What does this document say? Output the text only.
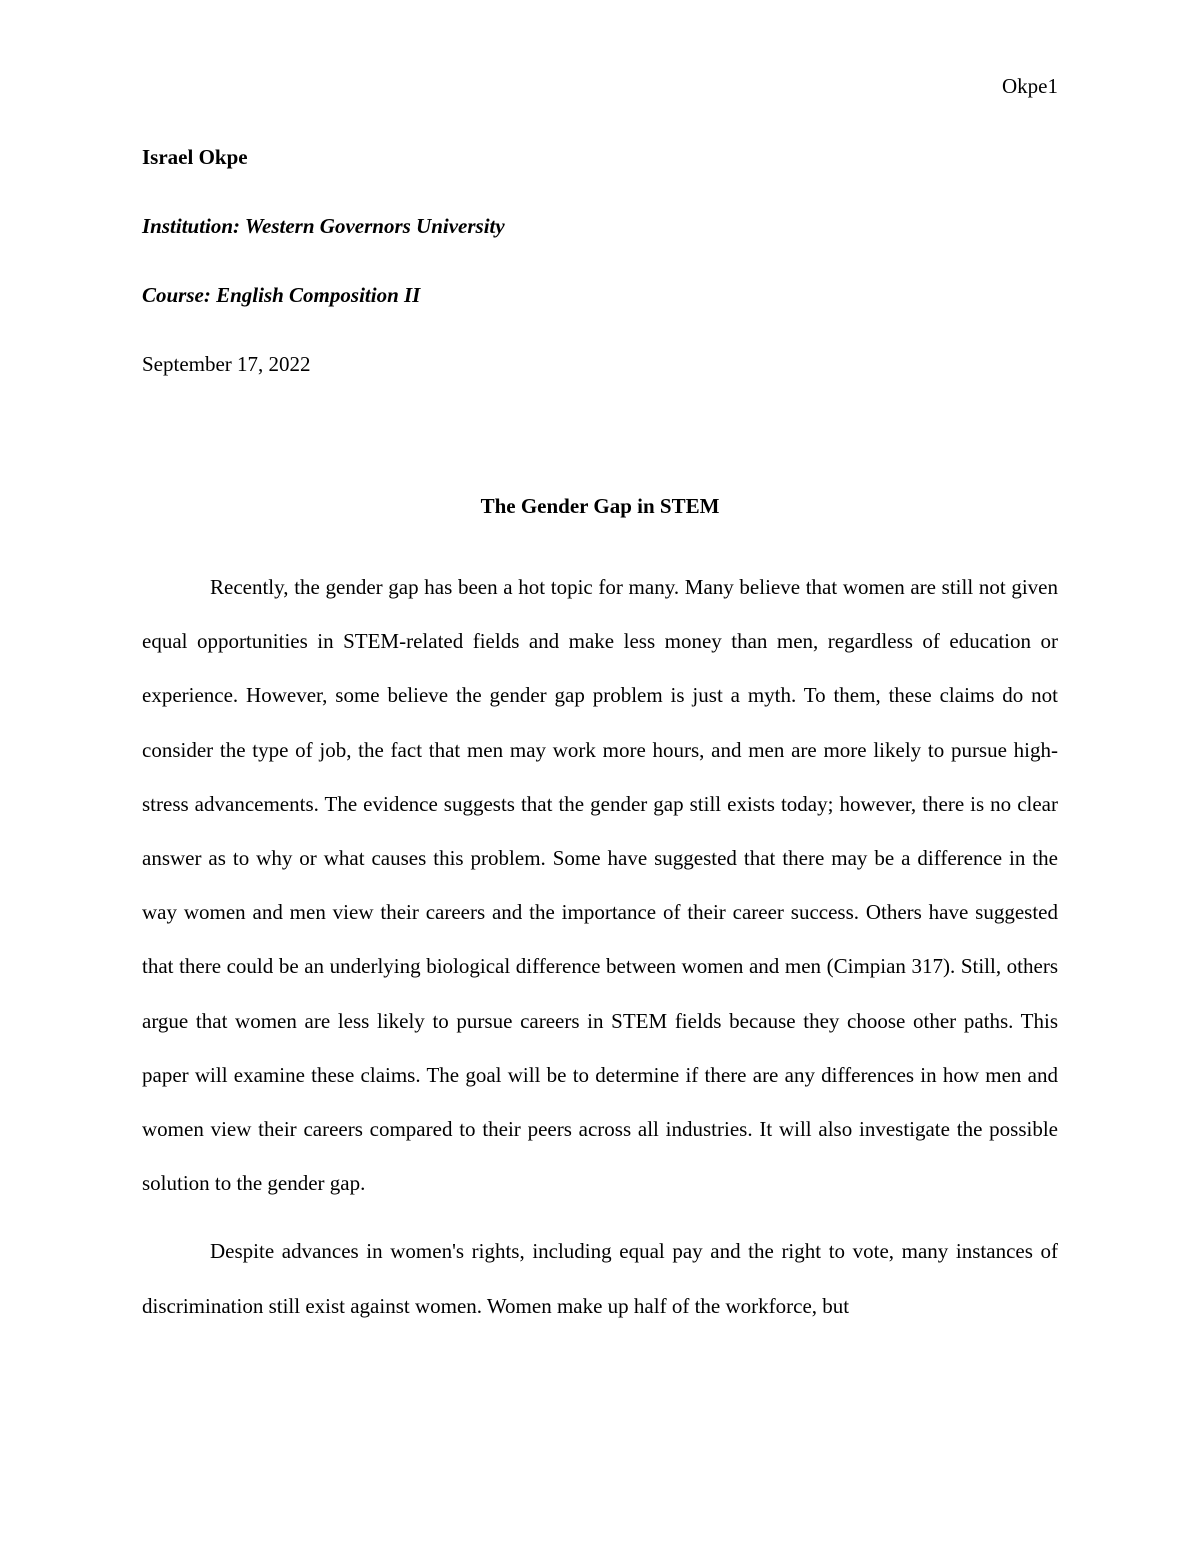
Okpe1
Israel Okpe
Institution: Western Governors University
Course: English Composition II
September 17, 2022
The Gender Gap in STEM

Recently, the gender gap has been a hot topic for many. Many believe that women are still not given equal opportunities in STEM-related fields and make less money than men, regardless of education or experience. However, some believe the gender gap problem is just a myth. To them, these claims do not consider the type of job, the fact that men may work more hours, and men are more likely to pursue high-stress advancements. The evidence suggests that the gender gap still exists today; however, there is no clear answer as to why or what causes this problem. Some have suggested that there may be a difference in the way women and men view their careers and the importance of their career success. Others have suggested that there could be an underlying biological difference between women and men (Cimpian 317). Still, others argue that women are less likely to pursue careers in STEM fields because they choose other paths. This paper will examine these claims. The goal will be to determine if there are any differences in how men and women view their careers compared to their peers across all industries. It will also investigate the possible solution to the gender gap.

Despite advances in women's rights, including equal pay and the right to vote, many instances of discrimination still exist against women. Women make up half of the workforce, but
